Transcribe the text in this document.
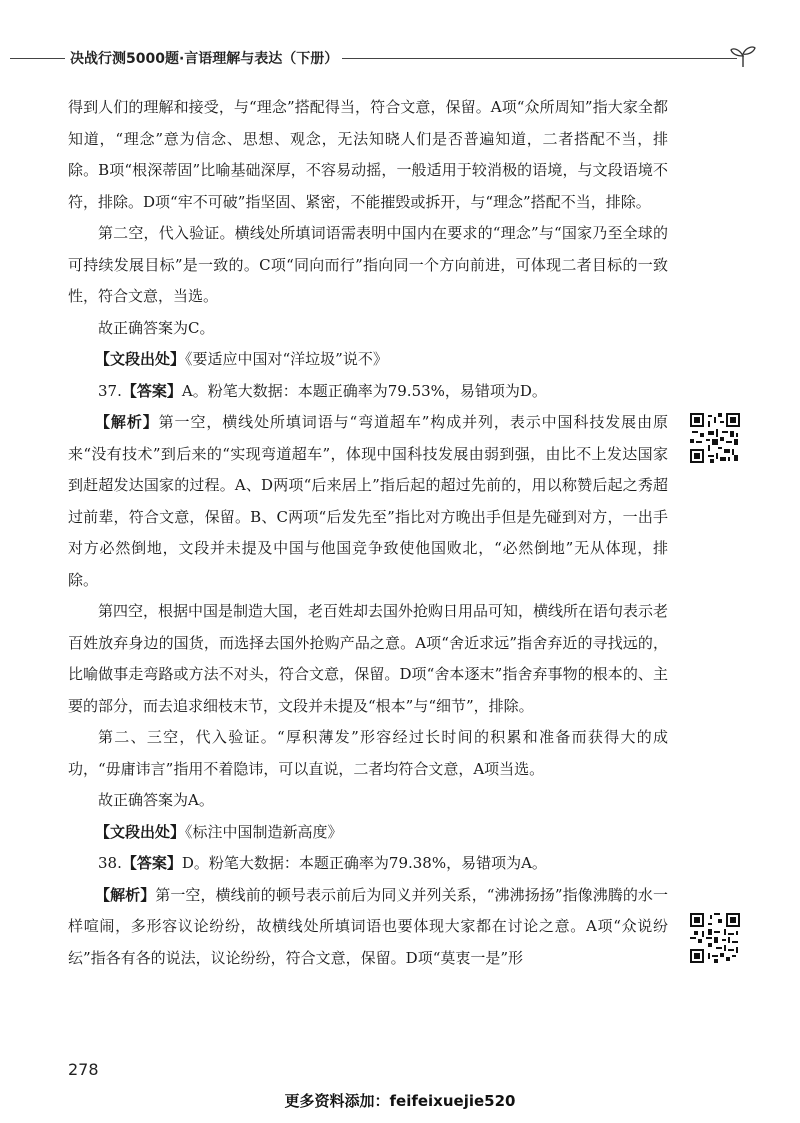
决战行测5000题·言语理解与表达（下册）

得到人们的理解和接受，与“理念”搭配得当，符合文意，保留。A项“众所周知”指大家全都知道，“理念”意为信念、思想、观念，无法知晓人们是否普遍知道，二者搭配不当，排除。B项“根深蒂固”比喻基础深厚，不容易动摇，一般适用于较消极的语境，与文段语境不符，排除。D项“牢不可破”指坚固、紧密，不能摧毁或拆开，与“理念”搭配不当，排除。

第二空，代入验证。横线处所填词语需表明中国内在要求的“理念”与“国家乃至全球的可持续发展目标”是一致的。C项“同向而行”指向同一个方向前进，可体现二者目标的一致性，符合文意，当选。

故正确答案为C。

【文段出处】《要适应中国对“洋垃圾”说不》

37.【答案】A。粉笔大数据：本题正确率为79.53%，易错项为D。

【解析】第一空，横线处所填词语与“弯道超车”构成并列，表示中国科技发展由原来“没有技术”到后来的“实现弯道超车”，体现中国科技发展由弱到强，由比不上发达国家到赶超发达国家的过程。A、D两项“后来居上”指后起的超过先前的，用以称赞后起之秀超过前辈，符合文意，保留。B、C两项“后发先至”指比对方晚出手但是先碰到对方，一出手对方必然倒地，文段并未提及中国与他国竞争致使他国败北，“必然倒地”无从体现，排除。

第四空，根据中国是制造大国，老百姓却去国外抢购日用品可知，横线所在语句表示老百姓放弃身边的国货，而选择去国外抢购产品之意。A项“舍近求远”指舍弃近的寻找远的，比喻做事走弯路或方法不对头，符合文意，保留。D项“舍本逐末”指舍弃事物的根本的、主要的部分，而去追求细枝末节，文段并未提及“根本”与“细节”，排除。

第二、三空，代入验证。“厚积薄发”形容经过长时间的积累和准备而获得大的成功，“毋庸讳言”指用不着隐讳，可以直说，二者均符合文意，A项当选。

故正确答案为A。

【文段出处】《标注中国制造新高度》

38.【答案】D。粉笔大数据：本题正确率为79.38%，易错项为A。

【解析】第一空，横线前的顿号表示前后为同义并列关系，“沸沸扬扬”指像沸腾的水一样喧闹，多形容议论纷纷，故横线处所填词语也要体现大家都在讨论之意。A项“众说纷纭”指各有各的说法，议论纷纷，符合文意，保留。D项“莫衷一是”形

278
更多资料添加：feifeixuejie520
